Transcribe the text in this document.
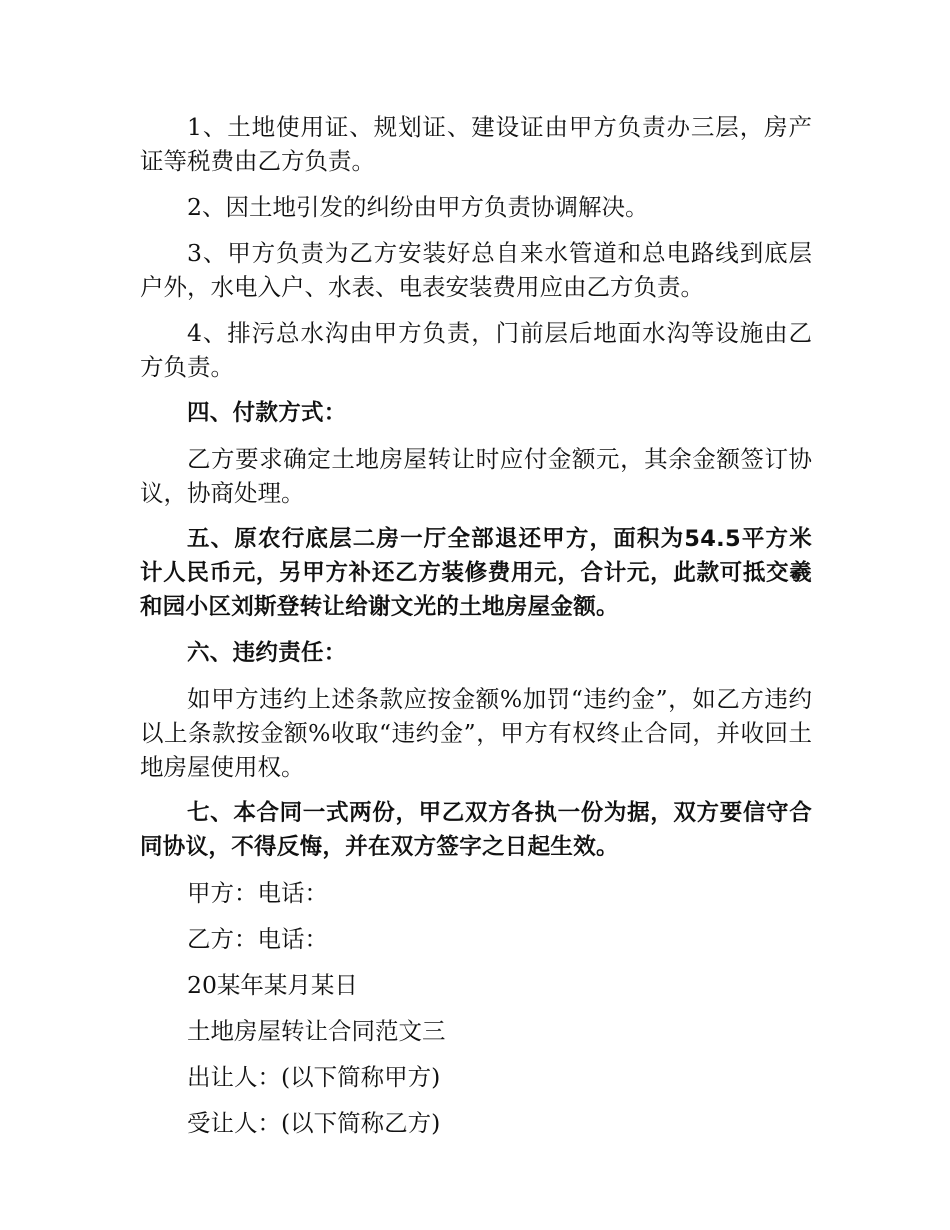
1、土地使用证、规划证、建设证由甲方负责办三层，房产证等税费由乙方负责。

2、因土地引发的纠纷由甲方负责协调解决。

3、甲方负责为乙方安装好总自来水管道和总电路线到底层户外，水电入户、水表、电表安装费用应由乙方负责。

4、排污总水沟由甲方负责，门前层后地面水沟等设施由乙方负责。

四、付款方式：

乙方要求确定土地房屋转让时应付金额元，其余金额签订协议，协商处理。

五、原农行底层二房一厅全部退还甲方，面积为54.5平方米计人民币元，另甲方补还乙方装修费用元，合计元，此款可抵交羲和园小区刘斯登转让给谢文光的土地房屋金额。

六、违约责任：

如甲方违约上述条款应按金额%加罚“违约金”，如乙方违约以上条款按金额%收取“违约金”，甲方有权终止合同，并收回土地房屋使用权。

七、本合同一式两份，甲乙双方各执一份为据，双方要信守合同协议，不得反悔，并在双方签字之日起生效。

甲方：电话：

乙方：电话：

20某年某月某日

土地房屋转让合同范文三

出让人：(以下简称甲方)

受让人：(以下简称乙方)
